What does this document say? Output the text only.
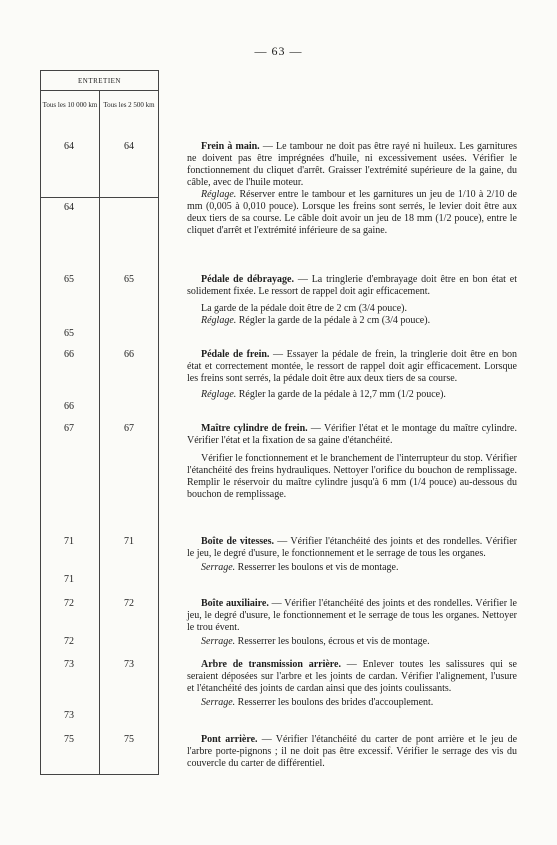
— 63 —
ENTRETIEN
Tous les 10 000 km Tous les 2 500 km
64	64
64
65	65
65
66	66
66
67	67
71	71
71
72	72
72
73	73
73
75	75
Frein à main. — Le tambour ne doit pas être rayé ni huileux. Les garnitures ne doivent pas être imprégnées d'huile, ni excessivement usées. Vérifier le fonctionnement du cliquet d'arrêt. Graisser l'extrémité supérieure de la gaine, du câble, avec de l'huile moteur.
Réglage. Réserver entre le tambour et les garnitures un jeu de 1/10 à 2/10 de mm (0,005 à 0,010 pouce). Lorsque les freins sont serrés, le levier doit être aux deux tiers de sa course. Le câble doit avoir un jeu de 18 mm (1/2 pouce), entre le cliquet d'arrêt et l'extrémité inférieure de sa gaine.
Pédale de débrayage. — La tringlerie d'embrayage doit être en bon état et solidement fixée. Le ressort de rappel doit agir efficacement.
La garde de la pédale doit être de 2 cm (3/4 pouce).
Réglage. Régler la garde de la pédale à 2 cm (3/4 pouce).
Pédale de frein. — Essayer la pédale de frein, la tringlerie doit être en bon état et correctement montée, le ressort de rappel doit agir efficacement. Lorsque les freins sont serrés, la pédale doit être aux deux tiers de sa course.
Réglage. Régler la garde de la pédale à 12,7 mm (1/2 pouce).
Maître cylindre de frein. — Vérifier l'état et le montage du maître cylindre. Vérifier l'état et la fixation de sa gaine d'étanchéité.
Vérifier le fonctionnement et le branchement de l'interrupteur du stop. Vérifier l'étanchéité des freins hydrauliques. Nettoyer l'orifice du bouchon de remplissage. Remplir le réservoir du maître cylindre jusqu'à 6 mm (1/4 pouce) au-dessous du bouchon de remplissage.
Boîte de vitesses. — Vérifier l'étanchéité des joints et des rondelles. Vérifier le jeu, le degré d'usure, le fonctionnement et le serrage de tous les organes.
Serrage. Resserrer les boulons et vis de montage.
Boîte auxiliaire. — Vérifier l'étanchéité des joints et des rondelles. Vérifier le jeu, le degré d'usure, le fonctionnement et le serrage de tous les organes. Nettoyer le trou évent.
Serrage. Resserrer les boulons, écrous et vis de montage.
Arbre de transmission arrière. — Enlever toutes les salissures qui se seraient déposées sur l'arbre et les joints de cardan. Vérifier l'alignement, l'usure et l'étanchéité des joints de cardan ainsi que des joints coulissants.
Serrage. Resserrer les boulons des brides d'accouplement.
Pont arrière. — Vérifier l'étanchéité du carter de pont arrière et le jeu de l'arbre porte-pignons ; il ne doit pas être excessif. Vérifier le serrage des vis du couvercle du carter de différentiel.
